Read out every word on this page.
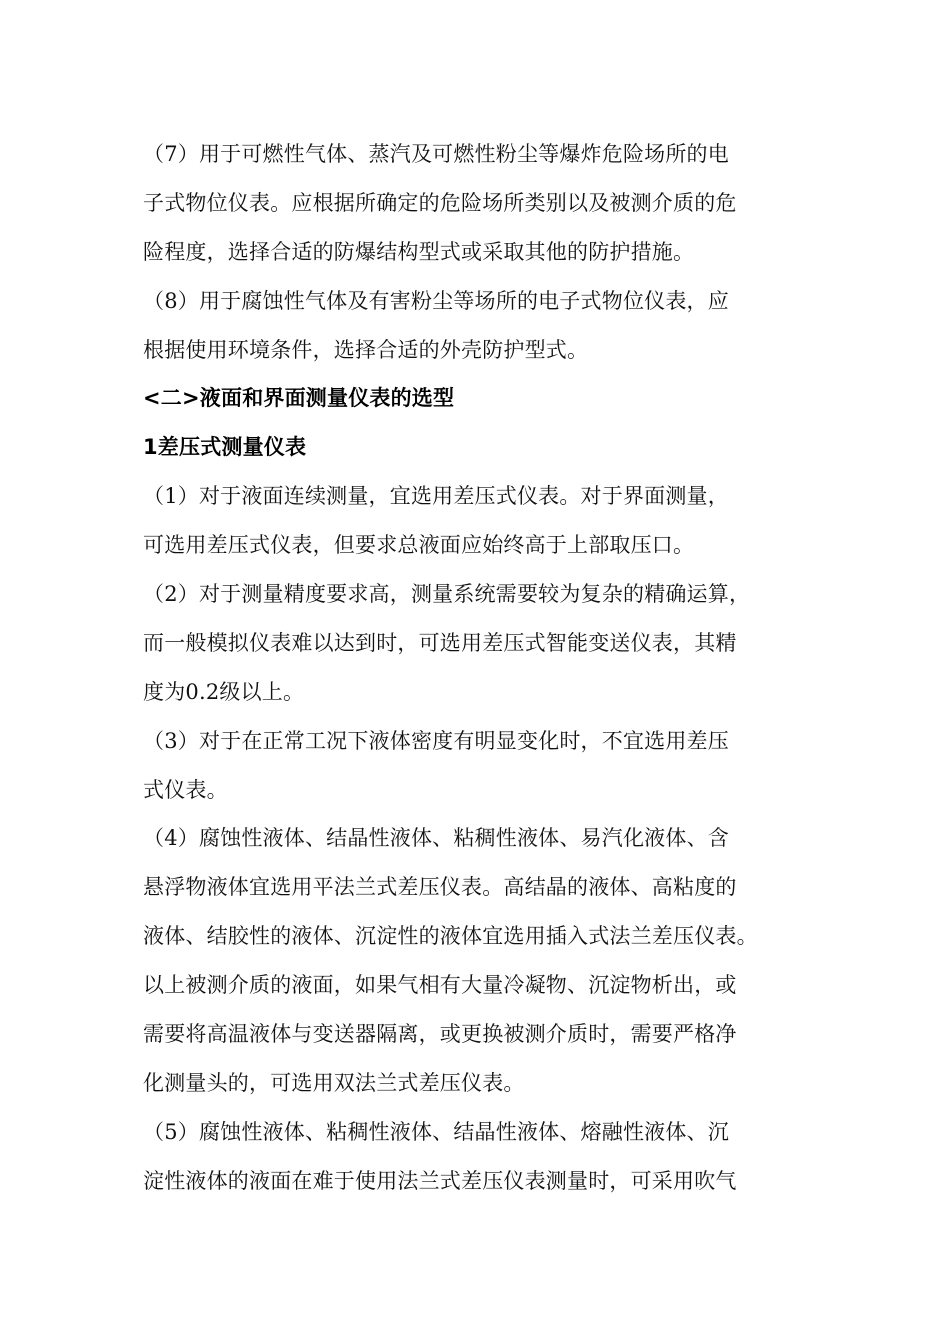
（7）用于可燃性气体、蒸汽及可燃性粉尘等爆炸危险场所的电
子式物位仪表。应根据所确定的危险场所类别以及被测介质的危
险程度，选择合适的防爆结构型式或采取其他的防护措施。
（8）用于腐蚀性气体及有害粉尘等场所的电子式物位仪表，应
根据使用环境条件，选择合适的外壳防护型式。
<二>液面和界面测量仪表的选型
1差压式测量仪表
（1）对于液面连续测量，宜选用差压式仪表。对于界面测量，
可选用差压式仪表，但要求总液面应始终高于上部取压口。
（2）对于测量精度要求高，测量系统需要较为复杂的精确运算，
而一般模拟仪表难以达到时，可选用差压式智能变送仪表，其精
度为0.2级以上。
（3）对于在正常工况下液体密度有明显变化时，不宜选用差压
式仪表。
（4）腐蚀性液体、结晶性液体、粘稠性液体、易汽化液体、含
悬浮物液体宜选用平法兰式差压仪表。高结晶的液体、高粘度的
液体、结胶性的液体、沉淀性的液体宜选用插入式法兰差压仪表。
以上被测介质的液面，如果气相有大量冷凝物、沉淀物析出，或
需要将高温液体与变送器隔离，或更换被测介质时，需要严格净
化测量头的，可选用双法兰式差压仪表。
（5）腐蚀性液体、粘稠性液体、结晶性液体、熔融性液体、沉
淀性液体的液面在难于使用法兰式差压仪表测量时，可采用吹气
